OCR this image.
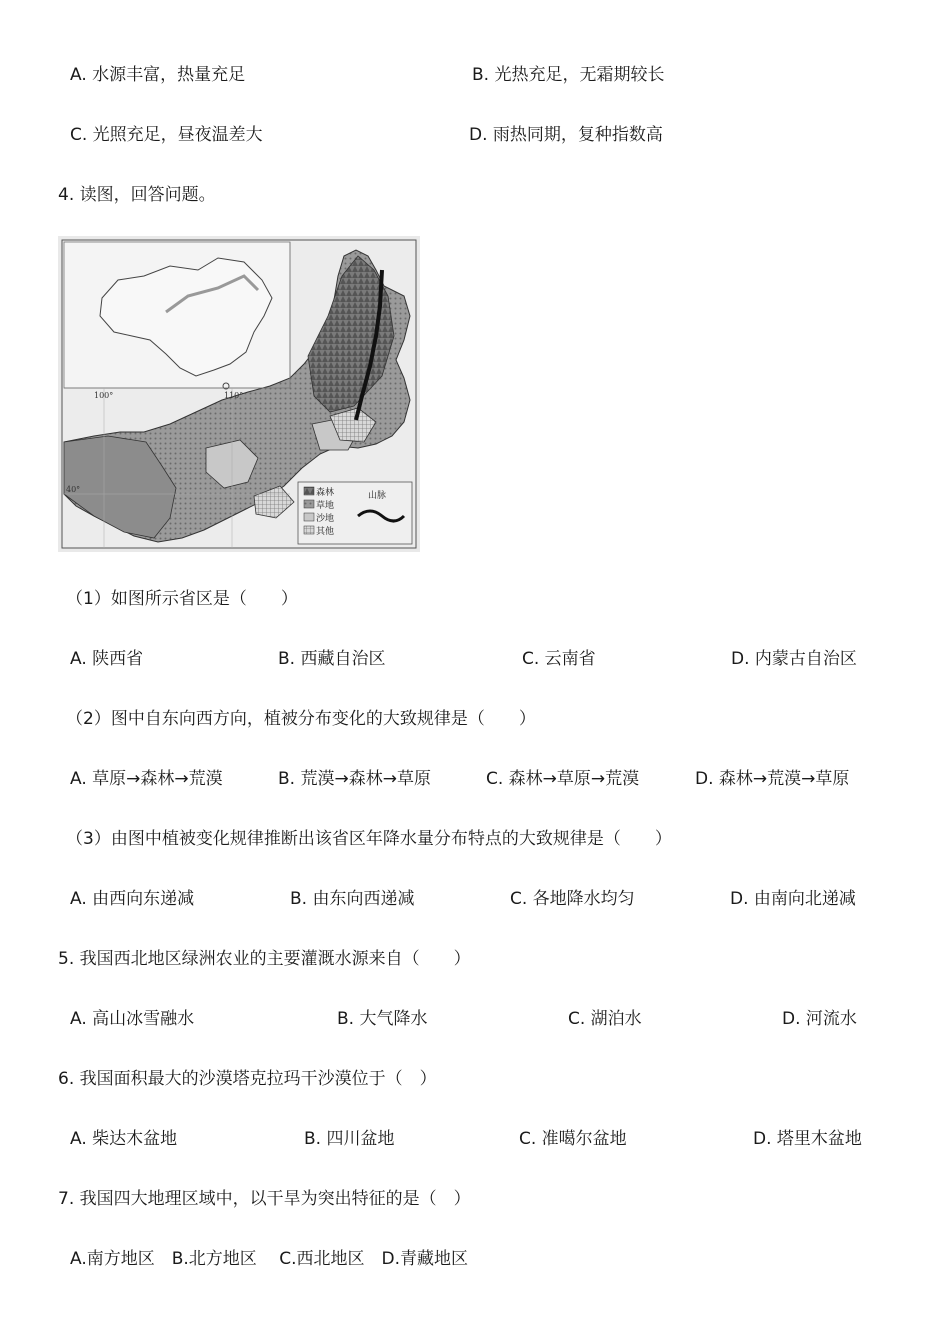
A. 水源丰富，热量充足	B. 光热充足，无霜期较长
C. 光照充足，昼夜温差大	D. 雨热同期，复种指数高
4. 读图，回答问题。
100°	110°
40°	森林
草地
沙地
其他
山脉
（1）如图所示省区是（　　）
A. 陕西省	B. 西藏自治区	C. 云南省	D. 内蒙古自治区
（2）图中自东向西方向，植被分布变化的大致规律是（　　）
A. 草原→森林→荒漠	B. 荒漠→森林→草原	C. 森林→草原→荒漠	D. 森林→荒漠→草原
（3）由图中植被变化规律推断出该省区年降水量分布特点的大致规律是（　　）
A. 由西向东递减	B. 由东向西递减	C. 各地降水均匀	D. 由南向北递减
5. 我国西北地区绿洲农业的主要灌溉水源来自（　　）
A. 高山冰雪融水	B. 大气降水	C. 湖泊水	D. 河流水
6. 我国面积最大的沙漠塔克拉玛干沙漠位于（　）
A. 柴达木盆地	B. 四川盆地	C. 准噶尔盆地	D. 塔里木盆地
7. 我国四大地理区域中，以干旱为突出特征的是（　）
A.南方地区　B.北方地区　 C.西北地区　D.青藏地区
